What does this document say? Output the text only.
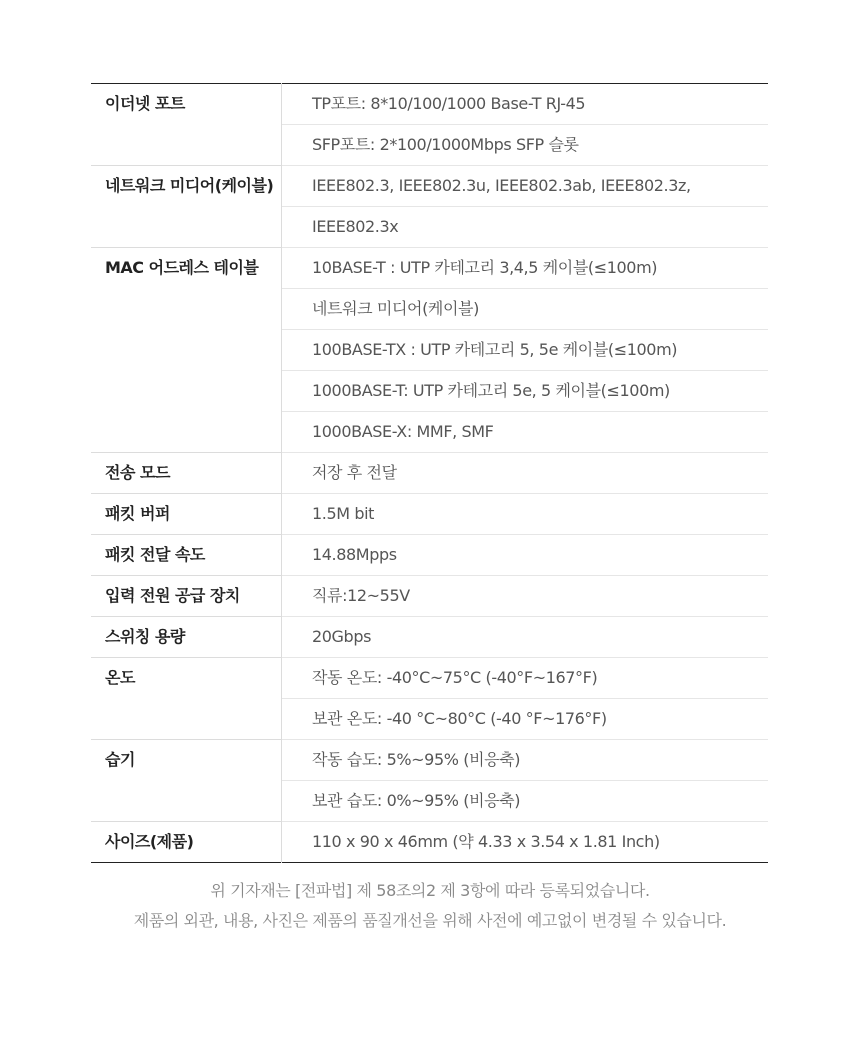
이더넷 포트	TP포트: 8*10/100/1000 Base-T RJ-45
	SFP포트: 2*100/1000Mbps SFP 슬롯
네트워크 미디어(케이블)	IEEE802.3, IEEE802.3u, IEEE802.3ab, IEEE802.3z,
	IEEE802.3x
MAC 어드레스 테이블	10BASE-T : UTP 카테고리 3,4,5 케이블(≤100m)
	네트워크 미디어(케이블)
	100BASE-TX : UTP 카테고리 5, 5e 케이블(≤100m)
	1000BASE-T: UTP 카테고리 5e, 5 케이블(≤100m)
	1000BASE-X: MMF, SMF
전송 모드	저장 후 전달
패킷 버퍼	1.5M bit
패킷 전달 속도	14.88Mpps
입력 전원 공급 장치	직류:12~55V
스위칭 용량	20Gbps
온도	작동 온도: -40°C~75°C (-40°F~167°F)
	보관 온도: -40 °C~80°C (-40 °F~176°F)
습기	작동 습도: 5%~95% (비응축)
	보관 습도: 0%~95% (비응축)
사이즈(제품)	110 x 90 x 46mm (약 4.33 x 3.54 x 1.81 Inch)
위 기자재는 [전파법] 제 58조의2 제 3항에 따라 등록되었습니다.
제품의 외관, 내용, 사진은 제품의 품질개선을 위해 사전에 예고없이 변경될 수 있습니다.
